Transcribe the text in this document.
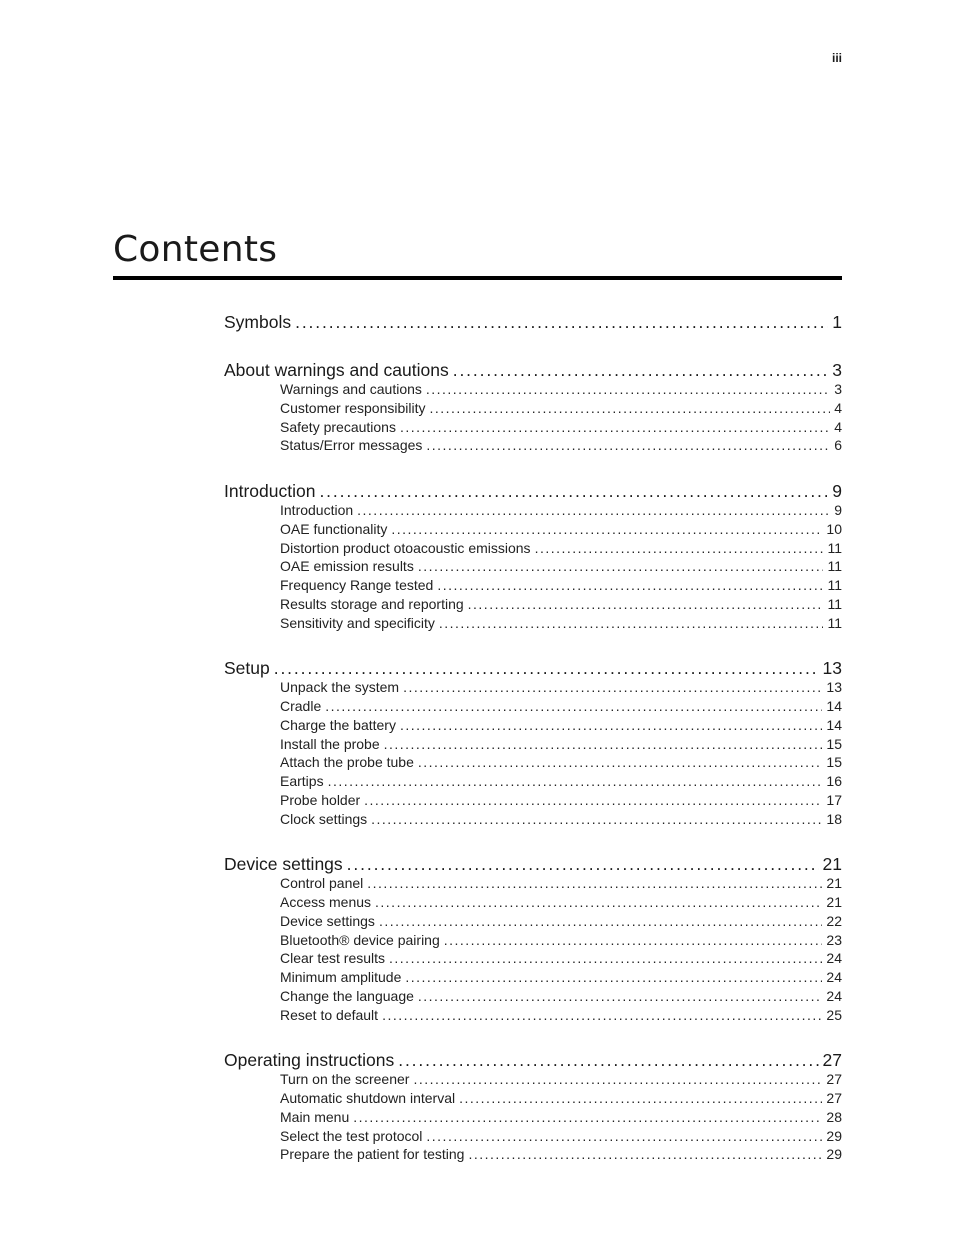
iii
Contents
Symbols . . .	1
About warnings and cautions . . .	3
Warnings and cautions . . .	3
Customer responsibility . . .	4
Safety precautions . . .	4
Status/Error messages . . .	6
Introduction . . .	9
Introduction . . .	9
OAE functionality . . .	10
Distortion product otoacoustic emissions . . .	11
OAE emission results . . .	11
Frequency Range tested . . .	11
Results storage and reporting . . .	11
Sensitivity and specificity . . .	11
Setup . . .	13
Unpack the system . . .	13
Cradle . . .	14
Charge the battery . . .	14
Install the probe . . .	15
Attach the probe tube . . .	15
Eartips . . .	16
Probe holder . . .	17
Clock settings . . .	18
Device settings . . .	21
Control panel . . .	21
Access menus . . .	21
Device settings . . .	22
Bluetooth® device pairing . . .	23
Clear test results . . .	24
Minimum amplitude . . .	24
Change the language . . .	24
Reset to default . . .	25
Operating instructions . . .	27
Turn on the screener . . .	27
Automatic shutdown interval . . .	27
Main menu . . .	28
Select the test protocol . . .	29
Prepare the patient for testing . . .	29
